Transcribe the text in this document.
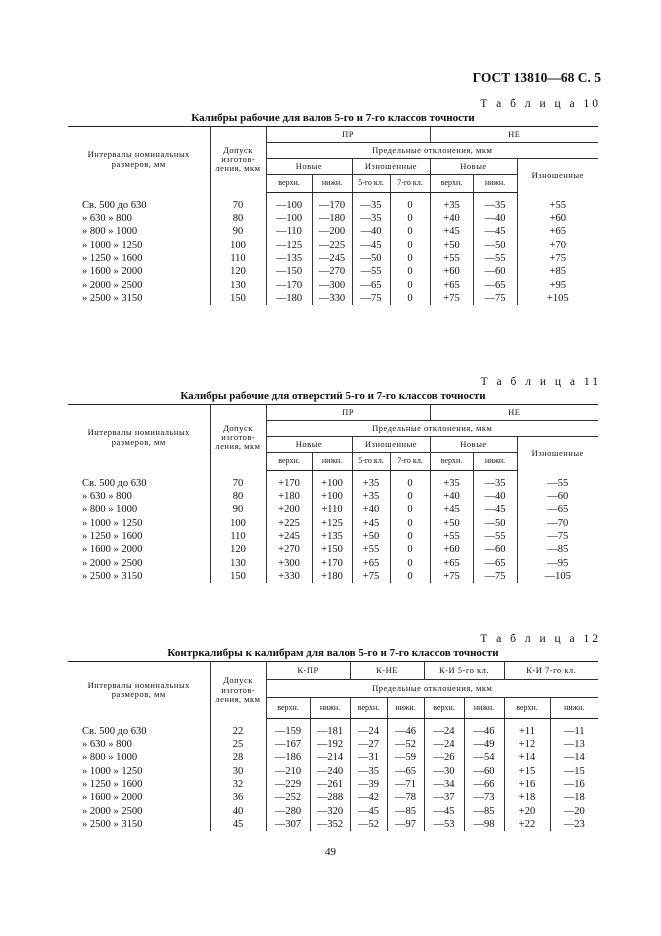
ГОСТ 13810—68 С. 5
Т а б л и ц а 10
Калибры рабочие для валов 5-го и 7-го классов точности
Интервалы номинальных размеров, мм	Допуск изготовления, мкм	ПР				НЕ		
		Предельные отклонения, мкм						
		Новые		Изношенные		Новые		Изношенные
		верхн.	нижн.	5-го кл.	7-го кл.	верхн.	нижн.	
Св. 500 до 630	70	—100	—170	—35	0	+35	—35	+55
» 630 » 800	80	—100	—180	—35	0	+40	—40	+60
» 800 » 1000	90	—110	—200	—40	0	+45	—45	+65
» 1000 » 1250	100	—125	—225	—45	0	+50	—50	+70
» 1250 » 1600	110	—135	—245	—50	0	+55	—55	+75
» 1600 » 2000	120	—150	—270	—55	0	+60	—60	+85
» 2000 » 2500	130	—170	—300	—65	0	+65	—65	+95
» 2500 » 3150	150	—180	—330	—75	0	+75	—75	+105
Т а б л и ц а 11
Калибры рабочие для отверстий 5-го и 7-го классов точности
Интервалы номинальных размеров, мм	Допуск изготовления, мкм	ПР				НЕ		
		Предельные отклонения, мкм						
		Новые		Изношенные		Новые		Изношенные
		верхн.	нижн.	5-го кл.	7-го кл.	верхн.	нижн.	
Св. 500 до 630	70	+170	+100	+35	0	+35	—35	—55
» 630 » 800	80	+180	+100	+35	0	+40	—40	—60
» 800 » 1000	90	+200	+110	+40	0	+45	—45	—65
» 1000 » 1250	100	+225	+125	+45	0	+50	—50	—70
» 1250 » 1600	110	+245	+135	+50	0	+55	—55	—75
» 1600 » 2000	120	+270	+150	+55	0	+60	—60	—85
» 2000 » 2500	130	+300	+170	+65	0	+65	—65	—95
» 2500 » 3150	150	+330	+180	+75	0	+75	—75	—105
Т а б л и ц а 12
Контркалибры к калибрам для валов 5-го и 7-го классов точности
Интервалы номинальных размеров, мм	Допуск изготовления, мкм	К-ПР		К-НЕ		К-И 5-го кл.		К-И 7-го кл.	
		Предельные отклонения, мкм							
		верхн.	нижн.	верхн.	нижн.	верхн.	нижн.	верхн.	нижн.
Св. 500 до 630	22	—159	—181	—24	—46	—24	—46	+11	—11
» 630 » 800	25	—167	—192	—27	—52	—24	—49	+12	—13
» 800 » 1000	28	—186	—214	—31	—59	—26	—54	+14	—14
» 1000 » 1250	30	—210	—240	—35	—65	—30	—60	+15	—15
» 1250 » 1600	32	—229	—261	—39	—71	—34	—66	+16	—16
» 1600 » 2000	36	—252	—288	—42	—78	—37	—73	+18	—18
» 2000 » 2500	40	—280	—320	—45	—85	—45	—85	+20	—20
» 2500 » 3150	45	—307	—352	—52	—97	—53	—98	+22	—23
49
